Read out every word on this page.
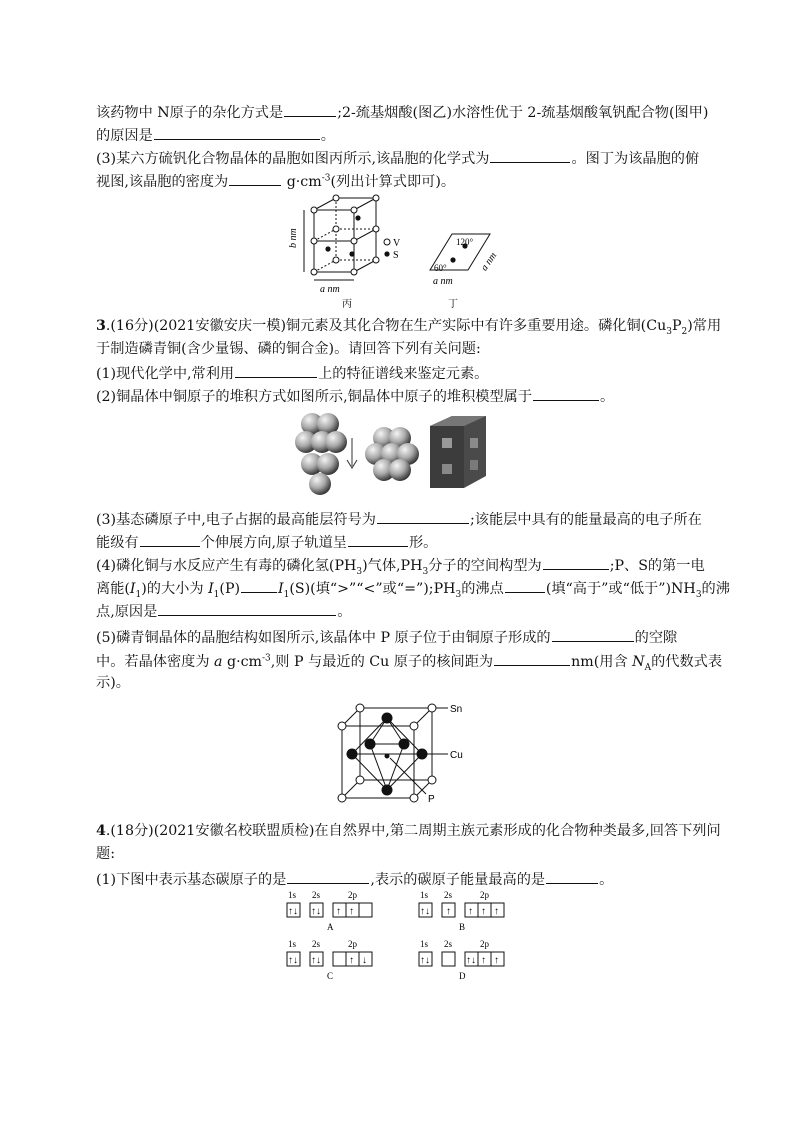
该药物中 N原子的杂化方式是	;2-巯基烟酸(图乙)水溶性优于 2-巯基烟酸氧钒配合物(图甲)
的原因是	。
(3)某六方硫钒化合物晶体的晶胞如图丙所示,该晶胞的化学式为	。图丁为该晶胞的俯
视图,该晶胞的密度为	$g\cdot cm^{-3}$(列出计算式即可)。
b nm
a nm
V
S
丙
120°
60°
a nm
a nm
丁
3.(16分)(2021安徽安庆一模)铜元素及其化合物在生产实际中有许多重要用途。磷化铜$(Cu_3P_2)$常用
于制造磷青铜(含少量锡、磷的铜合金)。请回答下列有关问题:
(1)现代化学中,常利用	上的特征谱线来鉴定元素。
(2)铜晶体中铜原子的堆积方式如图所示,铜晶体中原子的堆积模型属于	。
(3)基态磷原子中,电子占据的最高能层符号为	;该能层中具有的能量最高的电子所在
能级有	个伸展方向,原子轨道呈	形。
(4)磷化铜与水反应产生有毒的磷化氢$(PH_3)$气体$,PH_3$分子的空间构型为	;P、S的第一电
离能$(I_1)$的大小为 $I_1(P)$	$I_1(S)$(填“>”“<”或“$=”);PH_3$的沸点	(填“高于”或“低于$”)NH_3$的沸
点,原因是	。
(5)磷青铜晶体的晶胞结构如图所示,该晶体中 P 原子位于由铜原子形成的	的空隙
中。若晶体密度为 a $g\cdot cm^{-3}$,则 P 与最近的 Cu 原子的核间距为	nm(用含 $N_A$的代数式表
示)。
Sn
Cu
P
4.(18分)(2021安徽名校联盟质检)在自然界中,第二周期主族元素形成的化合物种类最多,回答下列问
题:
(1)下图中表示基态碳原子的是	,表示的碳原子能量最高的是	。
1s 2s	2p	1s 2s	2p
1s 2s	2p	1s 2s	2p
A	B
C	D
↑↓ ↑↓ ↑ ↑	↑↓ ↑ ↑ ↑ ↑
↑↓ ↑↓	↑ ↓	↑↓	↑↓ ↑ ↑
